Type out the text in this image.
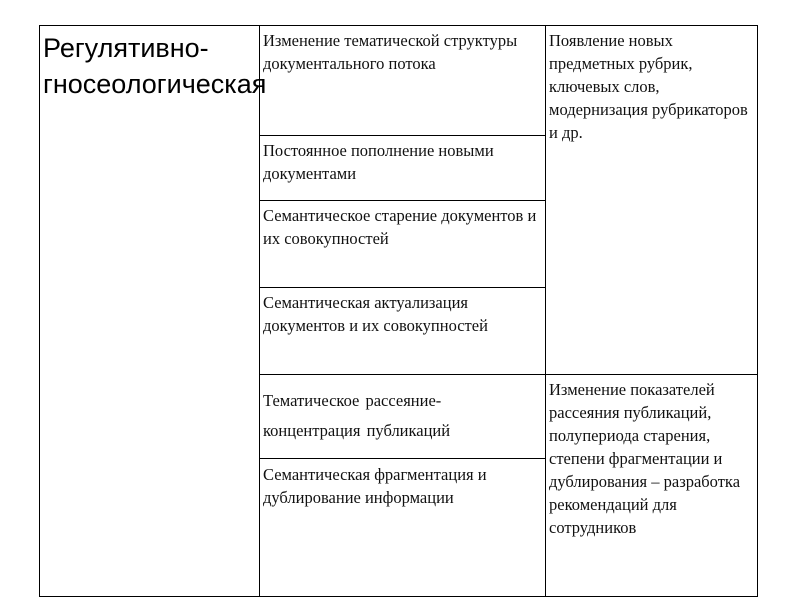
Регулятивно-гносеологическая
Изменение тематической структуры документального потока
Постоянное пополнение новыми документами
Семантическое старение документов и их совокупностей
Семантическая актуализация документов и их совокупностей
Тематическое рассеяние-концентрация публикаций
Семантическая фрагментация и дублирование информации
Появление новых предметных рубрик, ключевых слов, модернизация рубрикаторов и др.
Изменение показателей рассеяния публикаций, полупериода старения, степени фрагментации и дублирования – разработка рекомендаций для сотрудников
